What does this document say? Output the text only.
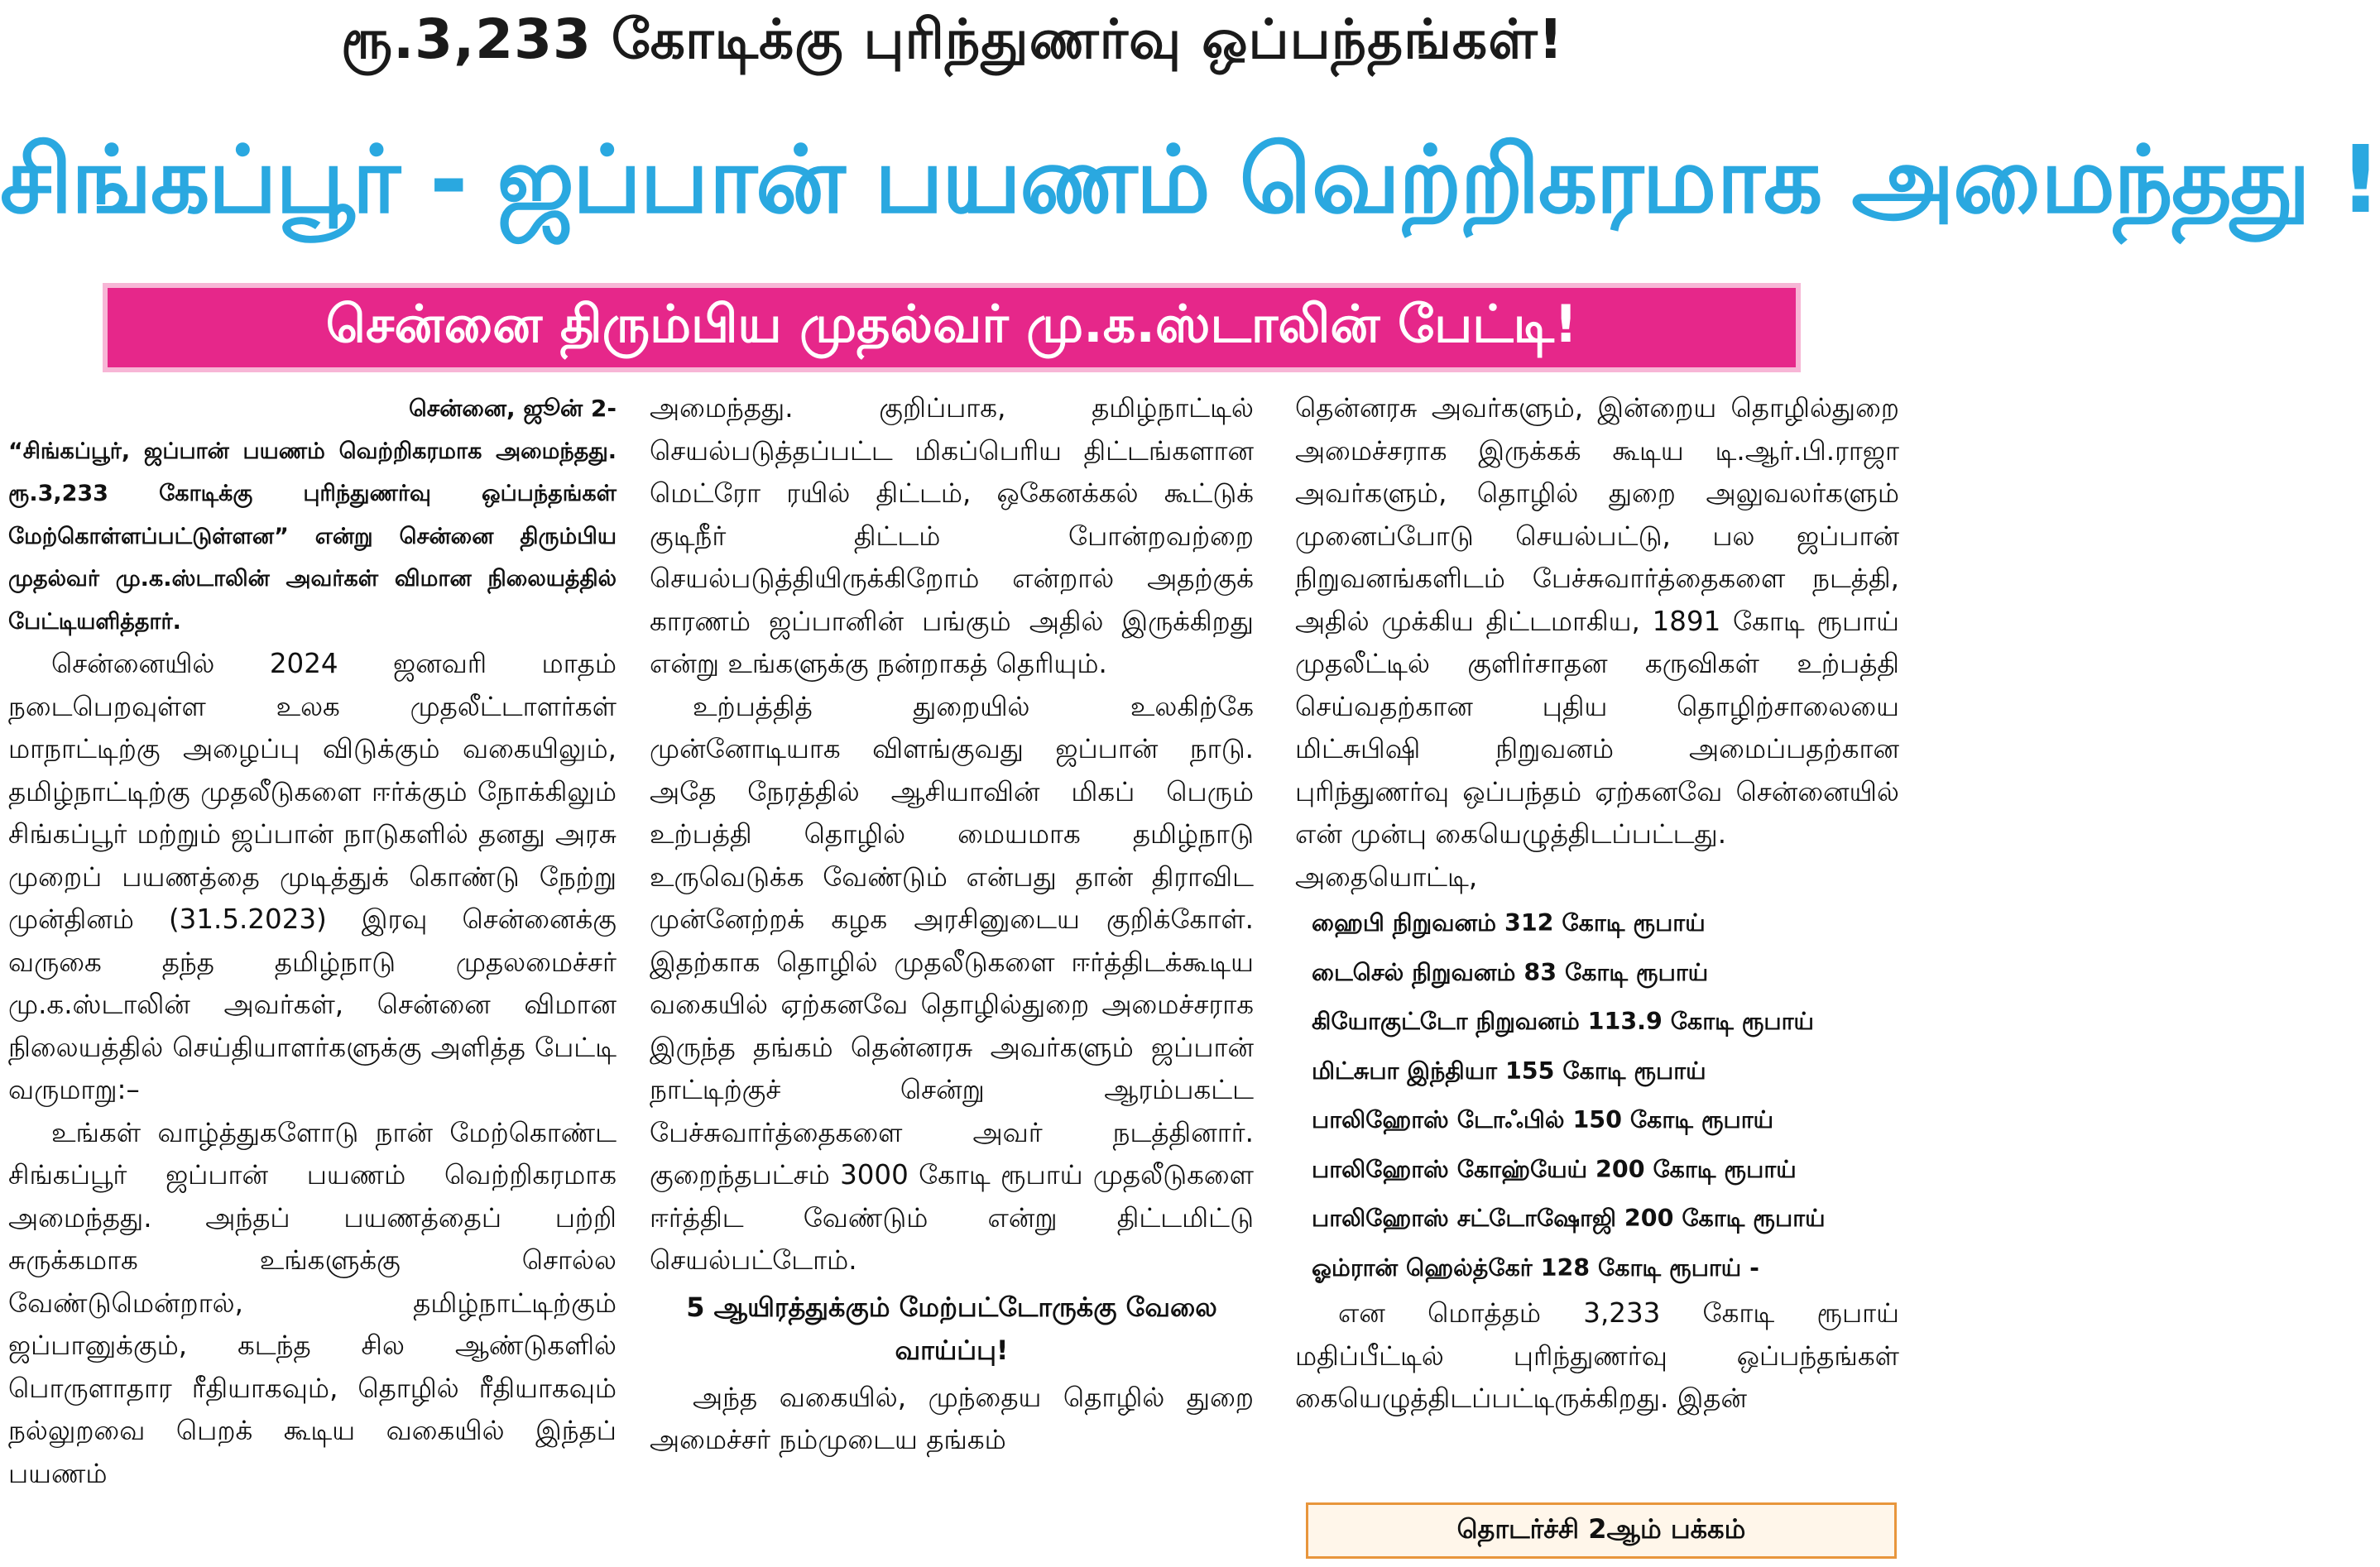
ரூ.3,233 கோடிக்கு புரிந்துணர்வு ஒப்பந்தங்கள்!
சிங்கப்பூர் - ஜப்பான் பயணம் வெற்றிகரமாக அமைந்தது !
சென்னை திரும்பிய முதல்வர் மு.க.ஸ்டாலின் பேட்டி!

சென்னை, ஜூன் 2-

“சிங்கப்பூர், ஜப்பான் பயணம் வெற்றிகரமாக அமைந்தது. ரூ.3,233 கோடிக்கு புரிந்துணர்வு ஒப்பந்தங்கள் மேற்கொள்ளப்பட்டுள்ளன” என்று சென்னை திரும்பிய முதல்வர் மு.க.ஸ்டாலின் அவர்கள் விமான நிலையத்தில் பேட்டியளித்தார்.

சென்னையில் 2024 ஜனவரி மாதம் நடைபெறவுள்ள உலக முதலீட்டாளர்கள் மாநாட்டிற்கு அழைப்பு விடுக்கும் வகையிலும், தமிழ்நாட்டிற்கு முதலீடுகளை ஈர்க்கும் நோக்கிலும் சிங்கப்பூர் மற்றும் ஜப்பான் நாடுகளில் தனது அரசு முறைப் பயணத்தை முடித்துக் கொண்டு நேற்று முன்தினம் (31.5.2023) இரவு சென்னைக்கு வருகை தந்த தமிழ்நாடு முதலமைச்சர் மு.க.ஸ்டாலின் அவர்கள், சென்னை விமான நிலையத்தில் செய்தியாளர்களுக்கு அளித்த பேட்டி வருமாறு:–

உங்கள் வாழ்த்துகளோடு நான் மேற்கொண்ட சிங்கப்பூர் ஜப்பான் பயணம் வெற்றிகரமாக அமைந்தது. அந்தப் பயணத்தைப் பற்றி சுருக்கமாக உங்களுக்கு சொல்ல வேண்டுமென்றால், தமிழ்நாட்டிற்கும் ஜப்பானுக்கும், கடந்த சில ஆண்டுகளில் பொருளாதார ரீதியாகவும், தொழில் ரீதியாகவும் நல்லுறவை பெறக் கூடிய வகையில் இந்தப் பயணம்

அமைந்தது. குறிப்பாக, தமிழ்நாட்டில் செயல்படுத்தப்பட்ட மிகப்பெரிய திட்டங்களான மெட்ரோ ரயில் திட்டம், ஒகேனக்கல் கூட்டுக் குடிநீர் திட்டம் போன்றவற்றை செயல்படுத்தியிருக்கிறோம் என்றால் அதற்குக் காரணம் ஜப்பானின் பங்கும் அதில் இருக்கிறது என்று உங்களுக்கு நன்றாகத் தெரியும்.

உற்பத்தித் துறையில் உலகிற்கே முன்னோடியாக விளங்குவது ஜப்பான் நாடு. அதே நேரத்தில் ஆசியாவின் மிகப் பெரும் உற்பத்தி தொழில் மையமாக தமிழ்நாடு உருவெடுக்க வேண்டும் என்பது தான் திராவிட முன்னேற்றக் கழக அரசினுடைய குறிக்கோள். இதற்காக தொழில் முதலீடுகளை ஈர்த்திடக்கூடிய வகையில் ஏற்கனவே தொழில்துறை அமைச்சராக இருந்த தங்கம் தென்னரசு அவர்களும் ஜப்பான் நாட்டிற்குச் சென்று ஆரம்பகட்ட பேச்சுவார்த்தைகளை அவர் நடத்தினார். குறைந்தபட்சம் 3000 கோடி ரூபாய் முதலீடுகளை ஈர்த்திட வேண்டும் என்று திட்டமிட்டு செயல்பட்டோம்.

5 ஆயிரத்துக்கும் மேற்பட்டோருக்கு வேலை வாய்ப்பு!

அந்த வகையில், முந்தைய தொழில் துறை அமைச்சர் நம்முடைய தங்கம்

தென்னரசு அவர்களும், இன்றைய தொழில்துறை அமைச்சராக இருக்கக் கூடிய டி.ஆர்.பி.ராஜா அவர்களும், தொழில் துறை அலுவலர்களும் முனைப்போடு செயல்பட்டு, பல ஜப்பான் நிறுவனங்களிடம் பேச்சுவார்த்தைகளை நடத்தி, அதில் முக்கிய திட்டமாகிய, 1891 கோடி ரூபாய் முதலீட்டில் குளிர்சாதன கருவிகள் உற்பத்தி செய்வதற்கான புதிய தொழிற்சாலையை மிட்சுபிஷி நிறுவனம் அமைப்பதற்கான புரிந்துணர்வு ஒப்பந்தம் ஏற்கனவே சென்னையில் என் முன்பு கையெழுத்திடப்பட்டது.

அதையொட்டி,

ஹைபி நிறுவனம் 312 கோடி ரூபாய்
டைசெல் நிறுவனம் 83 கோடி ரூபாய்
கியோகுட்டோ நிறுவனம் 113.9 கோடி ரூபாய்
மிட்சுபா இந்தியா 155 கோடி ரூபாய்
பாலிஹோஸ் டோஃபில் 150 கோடி ரூபாய்
பாலிஹோஸ் கோஹ்யேய் 200 கோடி ரூபாய்
பாலிஹோஸ் சட்டோஷோஜி 200 கோடி ரூபாய்
ஓம்ரான் ஹெல்த்கேர் 128 கோடி ரூபாய் -

என மொத்தம் 3,233 கோடி ரூபாய் மதிப்பீட்டில் புரிந்துணர்வு ஒப்பந்தங்கள் கையெழுத்திடப்பட்டிருக்கிறது. இதன்

தொடர்ச்சி 2ஆம் பக்கம்
